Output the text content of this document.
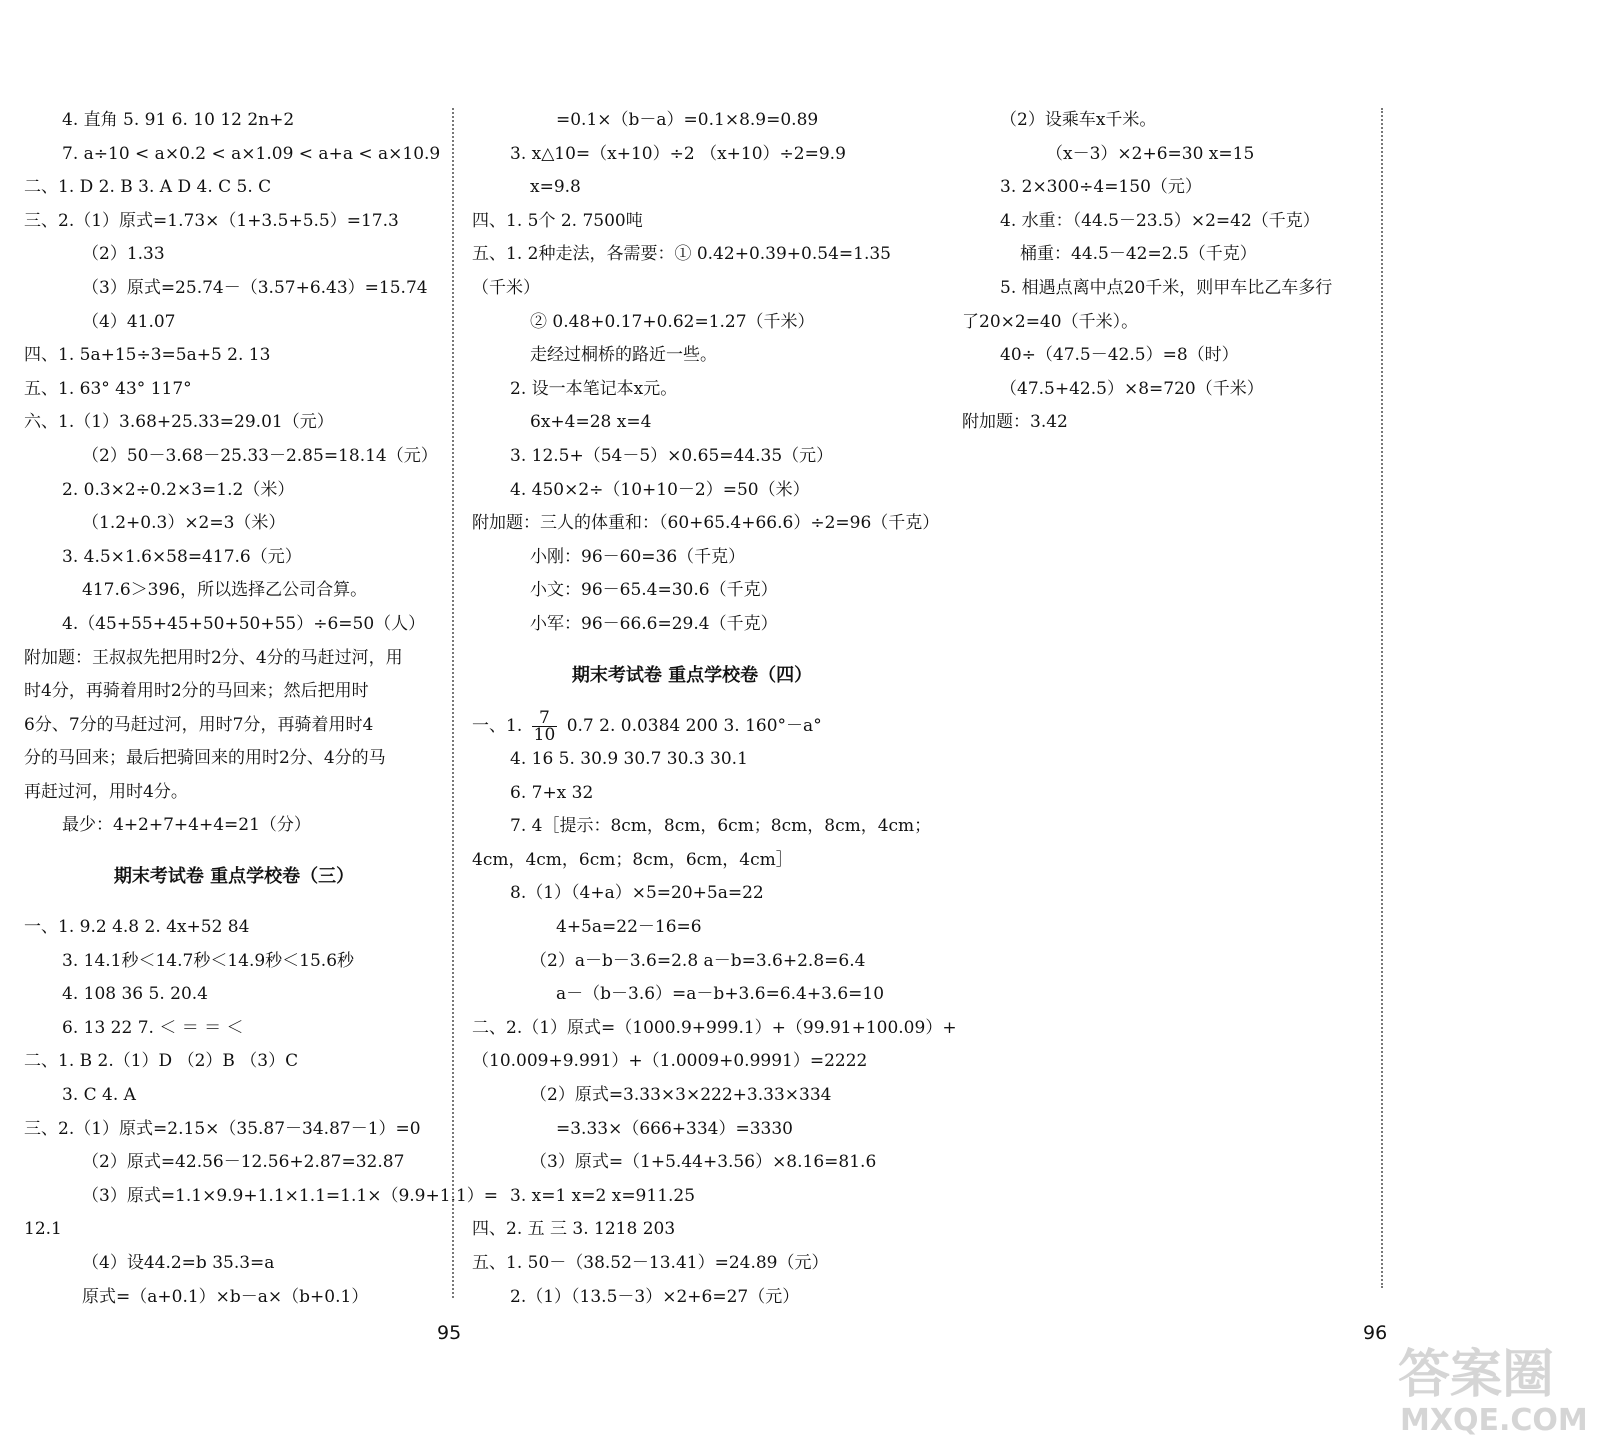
4. 直角 5. 91 6. 10 12 2n+2
7. a÷10 < a×0.2 < a×1.09 < a+a < a×10.9
二、1. D 2. B 3. A D 4. C 5. C
三、2.（1）原式=1.73×（1+3.5+5.5）=17.3
（2）1.33
（3）原式=25.74－（3.57+6.43）=15.74
（4）41.07
四、1. 5a+15÷3=5a+5 2. 13
五、1. 63° 43° 117°
六、1.（1）3.68+25.33=29.01（元）
（2）50－3.68－25.33－2.85=18.14（元）
2. 0.3×2÷0.2×3=1.2（米）
（1.2+0.3）×2=3（米）
3. 4.5×1.6×58=417.6（元）
417.6＞396，所以选择乙公司合算。
4.（45+55+45+50+50+55）÷6=50（人）
附加题：王叔叔先把用时2分、4分的马赶过河，用
时4分，再骑着用时2分的马回来；然后把用时
6分、7分的马赶过河，用时7分，再骑着用时4
分的马回来；最后把骑回来的用时2分、4分的马
再赶过河，用时4分。
最少：4+2+7+4+4=21（分）
期末考试卷 重点学校卷（三）
一、1. 9.2 4.8 2. 4x+52 84
3. 14.1秒＜14.7秒＜14.9秒＜15.6秒
4. 108 36 5. 20.4
6. 13 22 7. ＜ ＝ ＝ ＜
二、1. B 2.（1）D （2）B （3）C
3. C 4. A
三、2.（1）原式=2.15×（35.87－34.87－1）=0
（2）原式=42.56－12.56+2.87=32.87
（3）原式=1.1×9.9+1.1×1.1=1.1×（9.9+1.1）=
12.1
（4）设44.2=b 35.3=a
原式=（a+0.1）×b－a×（b+0.1）
=0.1×（b－a）=0.1×8.9=0.89
3. x△10=（x+10）÷2 （x+10）÷2=9.9
x=9.8
四、1. 5个 2. 7500吨
五、1. 2种走法，各需要：① 0.42+0.39+0.54=1.35
（千米）
② 0.48+0.17+0.62=1.27（千米）
走经过桐桥的路近一些。
2. 设一本笔记本x元。
6x+4=28 x=4
3. 12.5+（54－5）×0.65=44.35（元）
4. 450×2÷（10+10－2）=50（米）
附加题：三人的体重和：（60+65.4+66.6）÷2=96（千克）
小刚：96－60=36（千克）
小文：96－65.4=30.6（千克）
小军：96－66.6=29.4（千克）
期末考试卷 重点学校卷（四）
一、1. $\frac{7}{10} 0.7$ 2. 0.0384 200 3. 160°－a°
4. 16 5. 30.9 30.7 30.3 30.1
6. 7+x 32
7. 4［提示：8cm，8cm，6cm；8cm，8cm，4cm；
4cm，4cm，6cm；8cm，6cm，4cm］
8.（1）（4+a）×5=20+5a=22
4+5a=22－16=6
（2）a－b－3.6=2.8 a－b=3.6+2.8=6.4
a－（b－3.6）=a－b+3.6=6.4+3.6=10
二、2.（1）原式=（1000.9+999.1）+（99.91+100.09）+
（10.009+9.991）+（1.0009+0.9991）=2222
（2）原式=3.33×3×222+3.33×334
=3.33×（666+334）=3330
（3）原式=（1+5.44+3.56）×8.16=81.6
3. x=1 x=2 x=911.25
四、2. 五 三 3. 1218 203
五、1. 50－（38.52－13.41）=24.89（元）
2.（1）（13.5－3）×2+6=27（元）
（2）设乘车x千米。
（x－3）×2+6=30 x=15
3. 2×300÷4=150（元）
4. 水重：（44.5－23.5）×2=42（千克）
桶重：44.5－42=2.5（千克）
5. 相遇点离中点20千米，则甲车比乙车多行
了20×2=40（千米）。
40÷（47.5－42.5）=8（时）
（47.5+42.5）×8=720（千米）
附加题：3.42
95	96
答案圈
MXQE.COM
